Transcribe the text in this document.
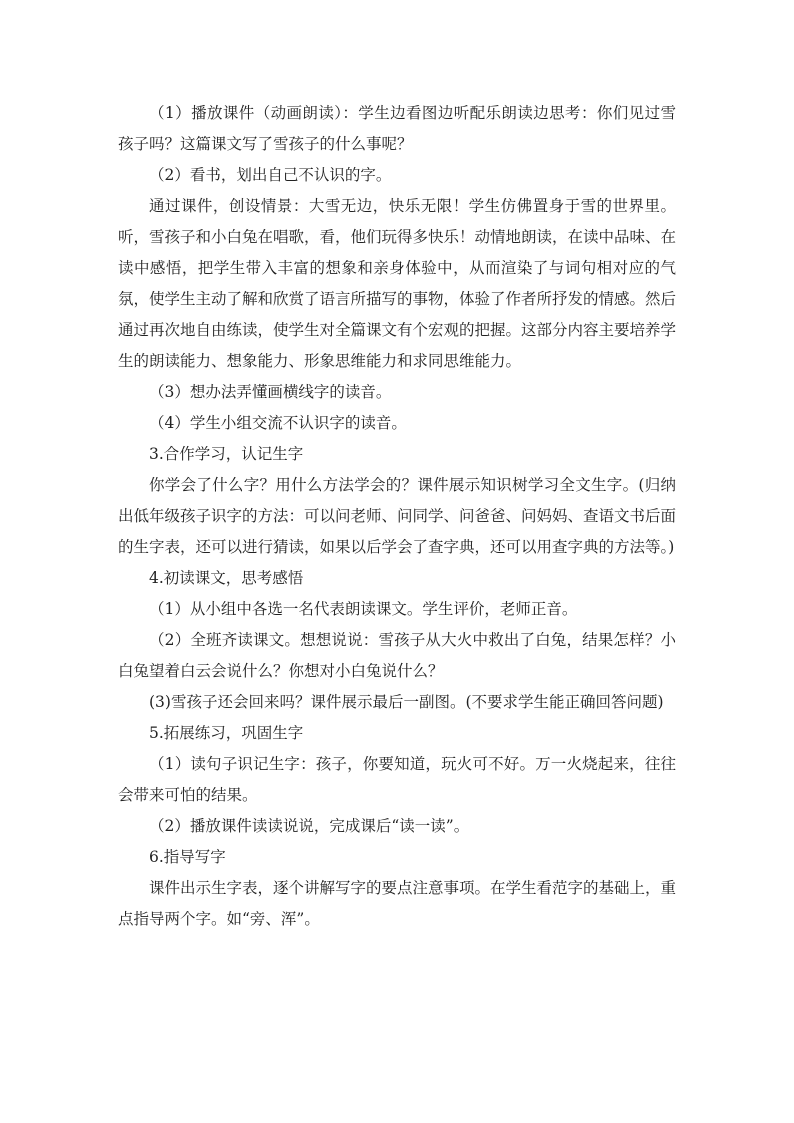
（1）播放课件（动画朗读）：学生边看图边听配乐朗读边思考：你们见过雪孩子吗？这篇课文写了雪孩子的什么事呢？

（2）看书，划出自己不认识的字。

通过课件，创设情景：大雪无边，快乐无限！学生仿佛置身于雪的世界里。听，雪孩子和小白兔在唱歌，看，他们玩得多快乐！动情地朗读，在读中品味、在读中感悟，把学生带入丰富的想象和亲身体验中，从而渲染了与词句相对应的气氛，使学生主动了解和欣赏了语言所描写的事物，体验了作者所抒发的情感。然后通过再次地自由练读，使学生对全篇课文有个宏观的把握。这部分内容主要培养学生的朗读能力、想象能力、形象思维能力和求同思维能力。

（3）想办法弄懂画横线字的读音。

（4）学生小组交流不认识字的读音。

3.合作学习，认记生字

你学会了什么字？用什么方法学会的？课件展示知识树学习全文生字。(归纳出低年级孩子识字的方法：可以问老师、问同学、问爸爸、问妈妈、查语文书后面的生字表，还可以进行猜读，如果以后学会了查字典，还可以用查字典的方法等。)

4.初读课文，思考感悟

（1）从小组中各选一名代表朗读课文。学生评价，老师正音。

（2）全班齐读课文。想想说说：雪孩子从大火中救出了白兔，结果怎样？小白兔望着白云会说什么？你想对小白兔说什么？

(3)雪孩子还会回来吗？课件展示最后一副图。(不要求学生能正确回答问题)

5.拓展练习，巩固生字

（1）读句子识记生字：孩子，你要知道，玩火可不好。万一火烧起来，往往会带来可怕的结果。

（2）播放课件读读说说，完成课后“读一读”。

6.指导写字

课件出示生字表，逐个讲解写字的要点注意事项。在学生看范字的基础上，重点指导两个字。如“旁、浑”。
